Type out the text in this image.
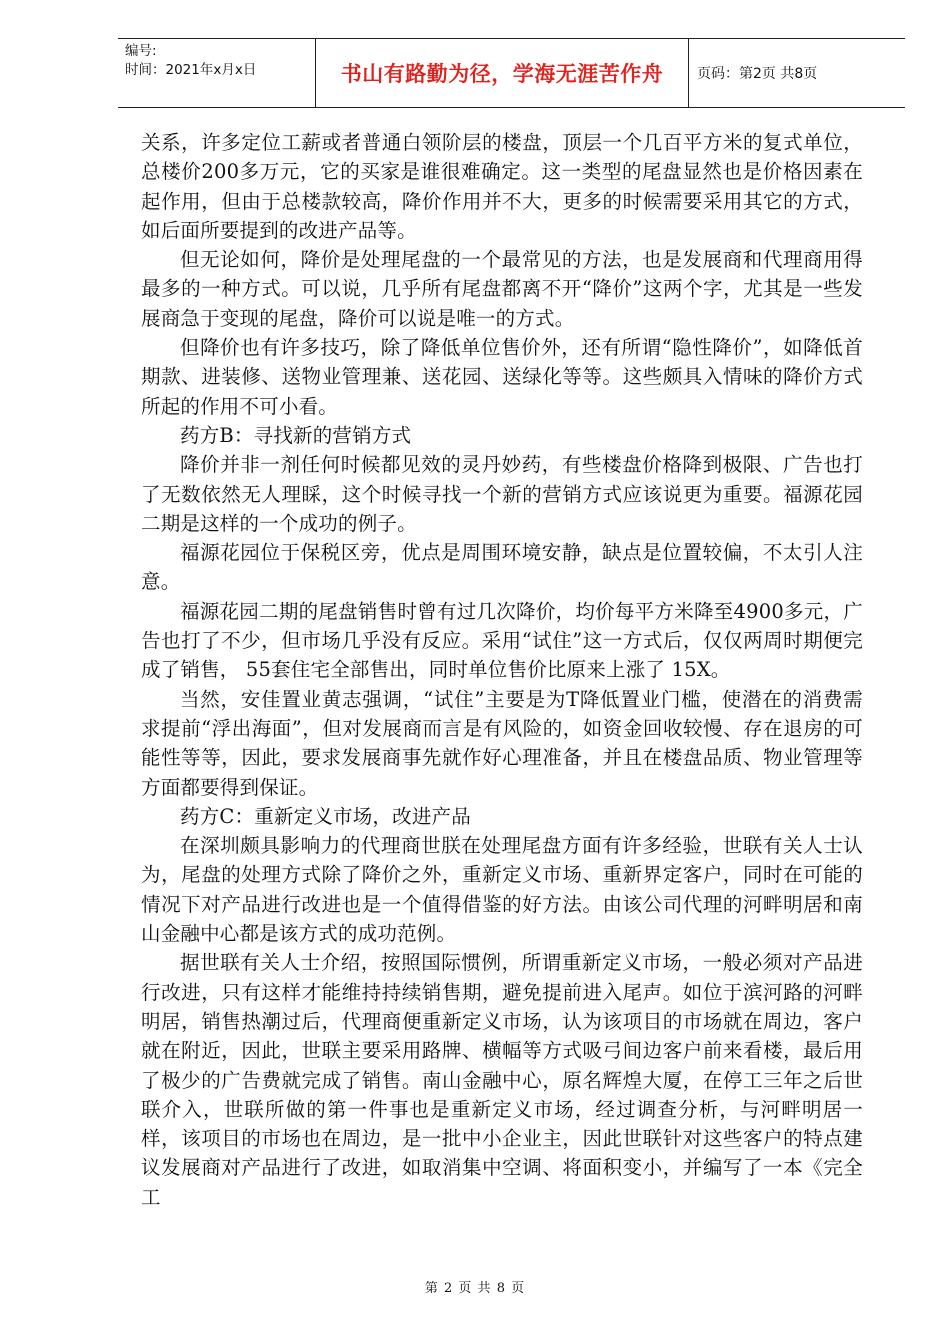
编号:
时间：2021年x月x日	书山有路勤为径，学海无涯苦作舟 页码：第2页 共8页

关系，许多定位工薪或者普通白领阶层的楼盘，顶层一个几百平方米的复式单位，总楼价200多万元，它的买家是谁很难确定。这一类型的尾盘显然也是价格因素在起作用，但由于总楼款较高，降价作用并不大，更多的时候需要采用其它的方式，如后面所要提到的改进产品等。

但无论如何，降价是处理尾盘的一个最常见的方法，也是发展商和代理商用得最多的一种方式。可以说，几乎所有尾盘都离不开“降价”这两个字，尤其是一些发展商急于变现的尾盘，降价可以说是唯一的方式。

但降价也有许多技巧，除了降低单位售价外，还有所谓“隐性降价”，如降低首期款、进装修、送物业管理兼、送花园、送绿化等等。这些颇具入情味的降价方式所起的作用不可小看。

药方B：寻找新的营销方式

降价并非一剂任何时候都见效的灵丹妙药，有些楼盘价格降到极限、广告也打了无数依然无人理睬，这个时候寻找一个新的营销方式应该说更为重要。福源花园二期是这样的一个成功的例子。

福源花园位于保税区旁，优点是周围环境安静，缺点是位置较偏，不太引人注意。

福源花园二期的尾盘销售时曾有过几次降价，均价每平方米降至4900多元，广告也打了不少，但市场几乎没有反应。采用“试住”这一方式后，仅仅两周时期便完成了销售， 55套住宅全部售出，同时单位售价比原来上涨了 15X。

当然，安佳置业黄志强调，“试住”主要是为T降低置业门槛，使潜在的消费需求提前“浮出海面”，但对发展商而言是有风险的，如资金回收较慢、存在退房的可能性等等，因此，要求发展商事先就作好心理准备，并且在楼盘品质、物业管理等方面都要得到保证。

药方C：重新定义市场，改进产品

在深圳颇具影响力的代理商世朕在处理尾盘方面有许多经验，世联有关人士认为，尾盘的处理方式除了降价之外，重新定义市场、重新界定客户，同时在可能的情况下对产品进行改进也是一个值得借鉴的好方法。由该公司代理的河畔明居和南山金融中心都是该方式的成功范例。

据世联有关人士介绍，按照国际惯例，所谓重新定义市场，一般必须对产品进行改进，只有这样才能维持持续销售期，避免提前进入尾声。如位于滨河路的河畔明居，销售热潮过后，代理商便重新定义市场，认为该项目的市场就在周边，客户就在附近，因此，世联主要采用路牌、横幅等方式吸弓间边客户前来看楼，最后用了极少的广告费就完成了销售。南山金融中心，原名辉煌大厦，在停工三年之后世联介入，世联所做的第一件事也是重新定义市场，经过调查分析，与河畔明居一样，该项目的市场也在周边，是一批中小企业主，因此世联针对这些客户的特点建议发展商对产品进行了改进，如取消集中空调、将面积变小，并编写了一本《完全工

第 2 页 共 8 页
